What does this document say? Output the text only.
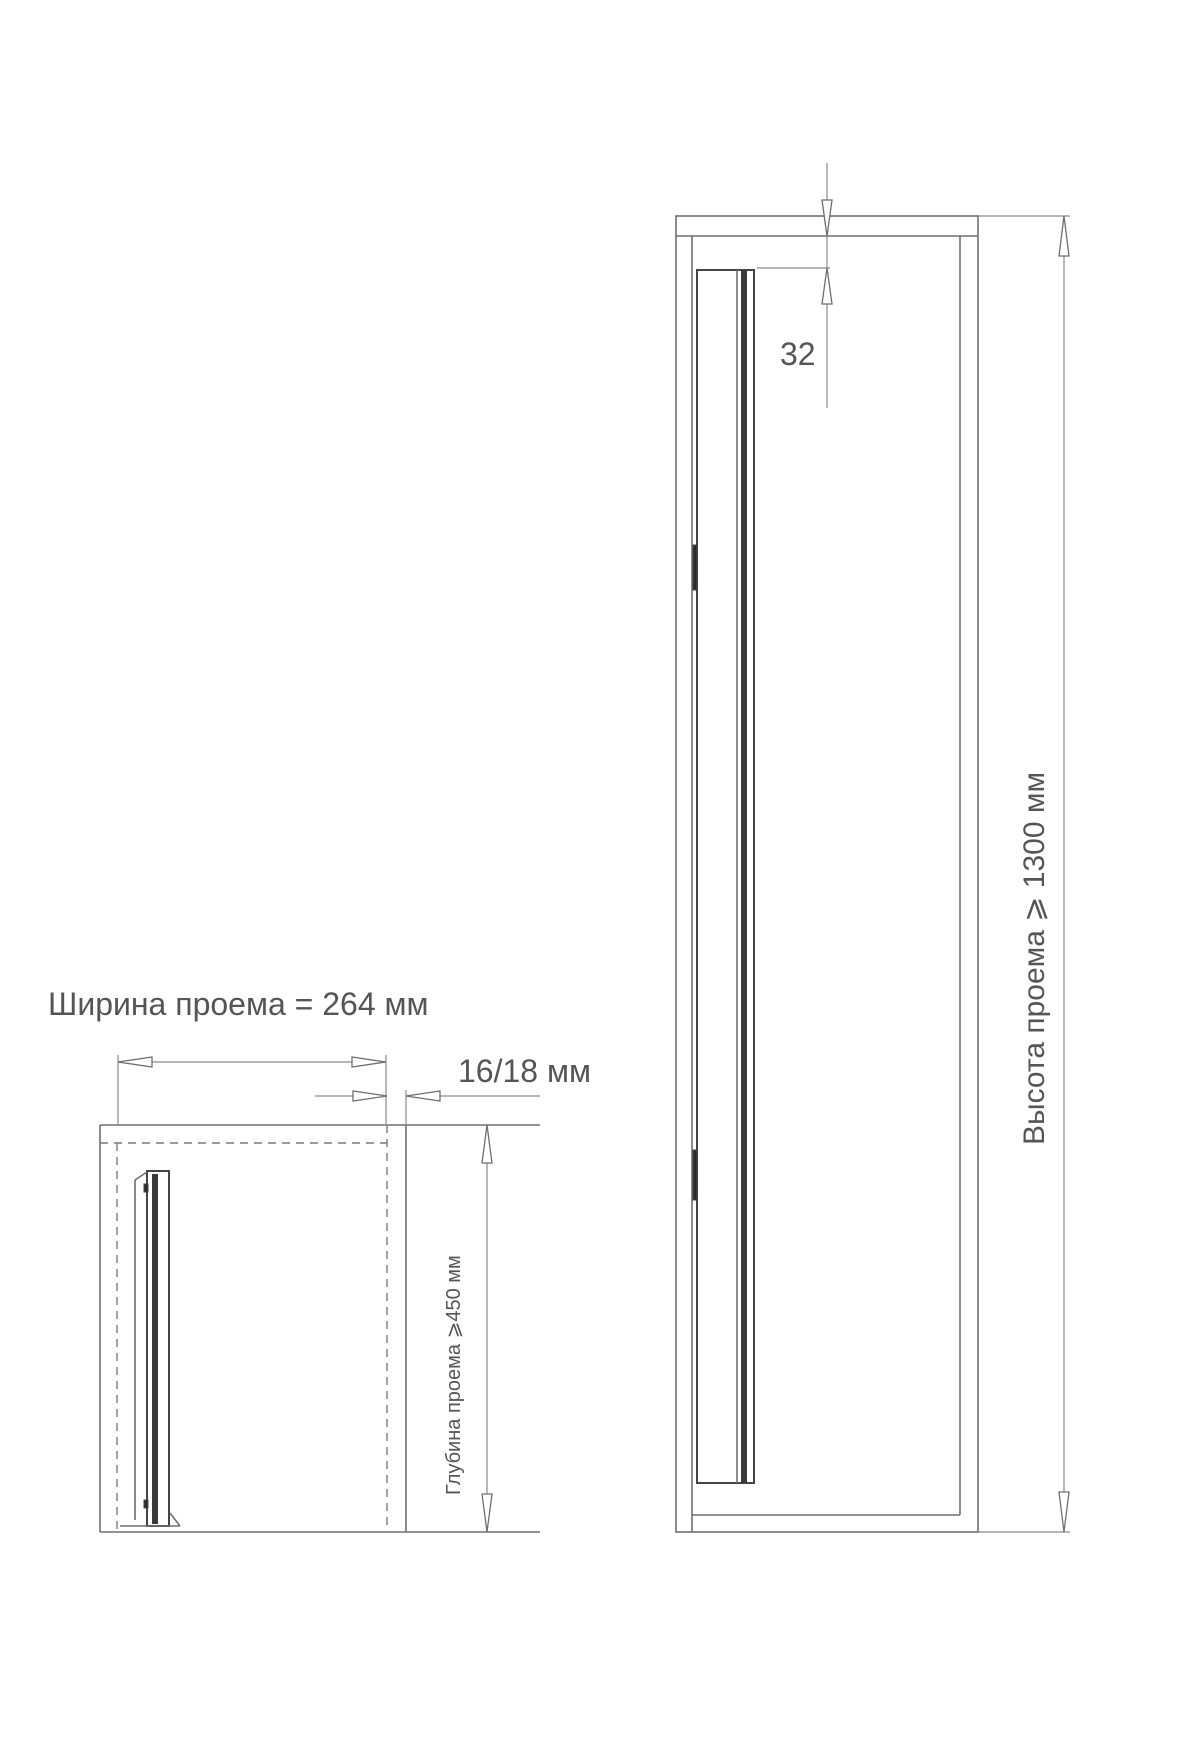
Ширина проема = 264 мм
16/18 мм
Глубина проема ⩾450 мм
32
Высота проема ⩾ 1300 мм
